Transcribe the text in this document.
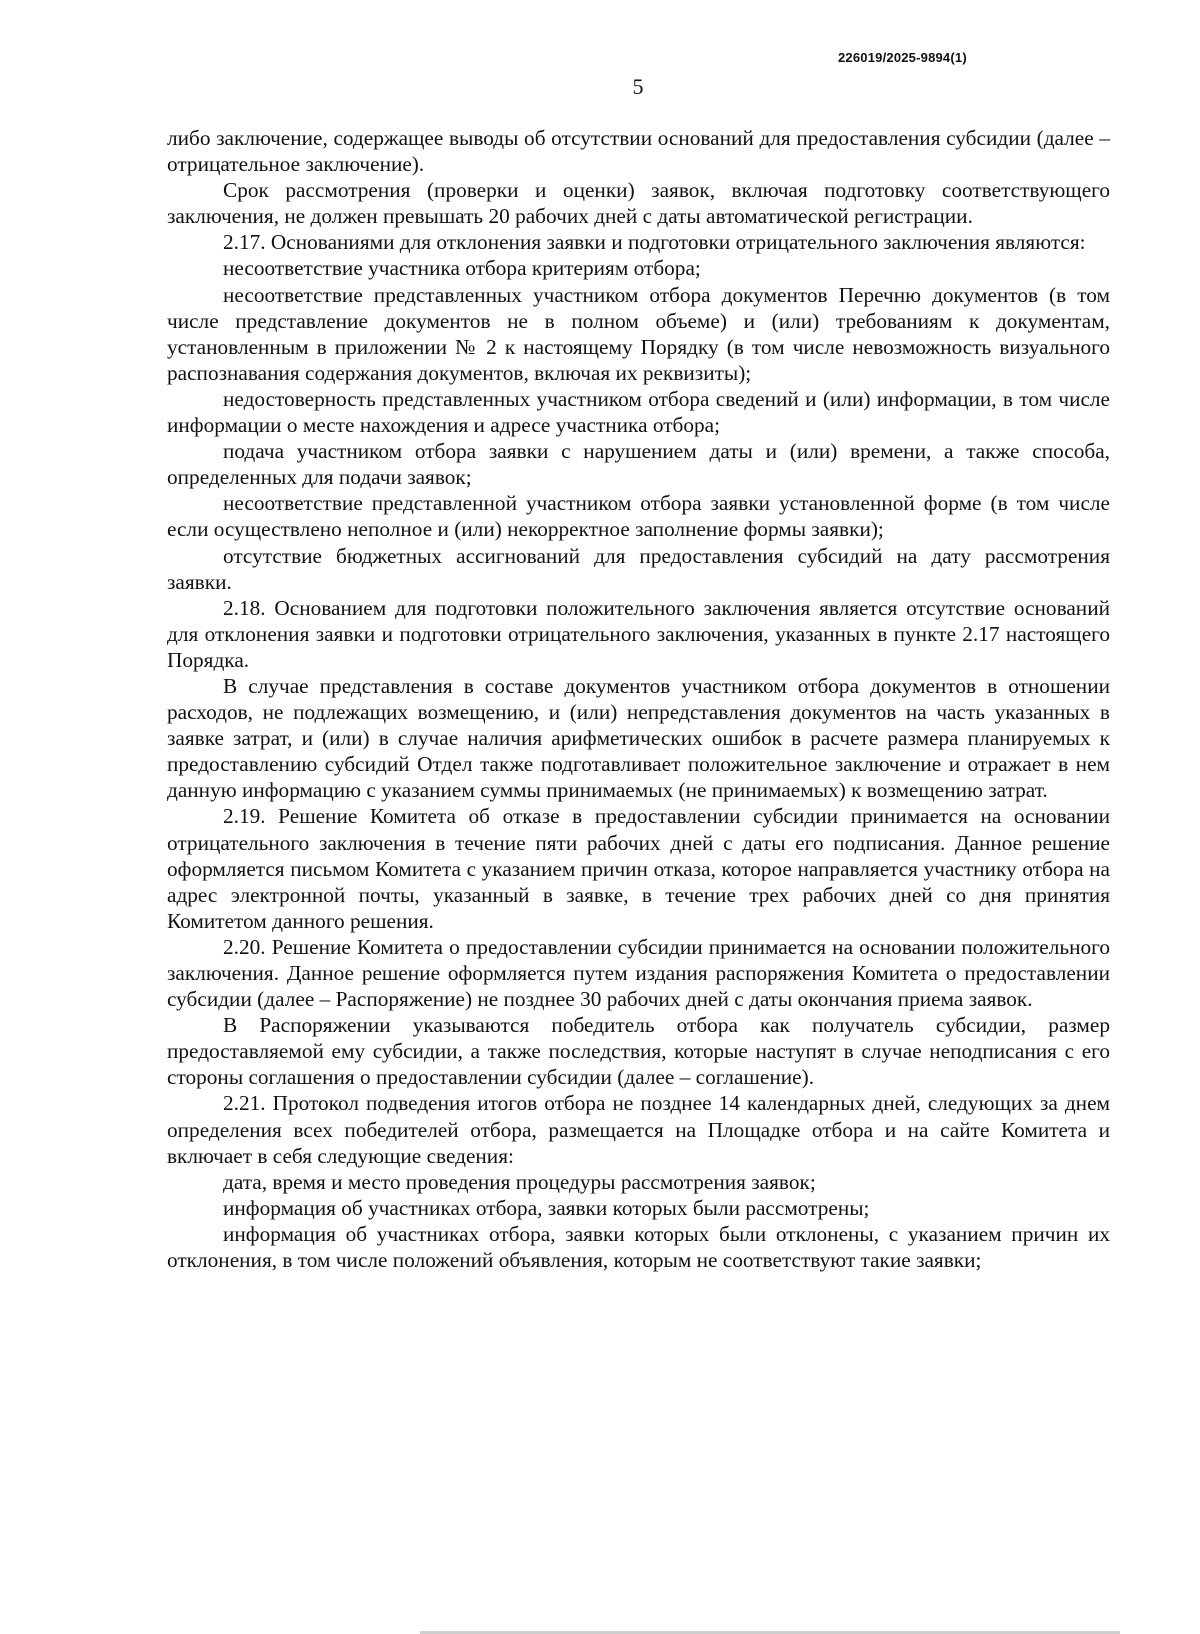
226019/2025-9894(1)
5

либо заключение, содержащее выводы об отсутствии оснований для предоставления субсидии (далее – отрицательное заключение).

Срок рассмотрения (проверки и оценки) заявок, включая подготовку соответствующего заключения, не должен превышать 20 рабочих дней с даты автоматической регистрации.

2.17. Основаниями для отклонения заявки и подготовки отрицательного заключения являются:

несоответствие участника отбора критериям отбора;

несоответствие представленных участником отбора документов Перечню документов (в том числе представление документов не в полном объеме) и (или) требованиям к документам, установленным в приложении № 2 к настоящему Порядку (в том числе невозможность визуального распознавания содержания документов, включая их реквизиты);

недостоверность представленных участником отбора сведений и (или) информации, в том числе информации о месте нахождения и адресе участника отбора;

подача участником отбора заявки с нарушением даты и (или) времени, а также способа, определенных для подачи заявок;

несоответствие представленной участником отбора заявки установленной форме (в том числе если осуществлено неполное и (или) некорректное заполнение формы заявки);

отсутствие бюджетных ассигнований для предоставления субсидий на дату рассмотрения заявки.

2.18. Основанием для подготовки положительного заключения является отсутствие оснований для отклонения заявки и подготовки отрицательного заключения, указанных в пункте 2.17 настоящего Порядка.

В случае представления в составе документов участником отбора документов в отношении расходов, не подлежащих возмещению, и (или) непредставления документов на часть указанных в заявке затрат, и (или) в случае наличия арифметических ошибок в расчете размера планируемых к предоставлению субсидий Отдел также подготавливает положительное заключение и отражает в нем данную информацию с указанием суммы принимаемых (не принимаемых) к возмещению затрат.

2.19. Решение Комитета об отказе в предоставлении субсидии принимается на основании отрицательного заключения в течение пяти рабочих дней с даты его подписания. Данное решение оформляется письмом Комитета с указанием причин отказа, которое направляется участнику отбора на адрес электронной почты, указанный в заявке, в течение трех рабочих дней со дня принятия Комитетом данного решения.

2.20. Решение Комитета о предоставлении субсидии принимается на основании положительного заключения. Данное решение оформляется путем издания распоряжения Комитета о предоставлении субсидии (далее – Распоряжение) не позднее 30 рабочих дней с даты окончания приема заявок.

В Распоряжении указываются победитель отбора как получатель субсидии, размер предоставляемой ему субсидии, а также последствия, которые наступят в случае неподписания с его стороны соглашения о предоставлении субсидии (далее – соглашение).

2.21. Протокол подведения итогов отбора не позднее 14 календарных дней, следующих за днем определения всех победителей отбора, размещается на Площадке отбора и на сайте Комитета и включает в себя следующие сведения:

дата, время и место проведения процедуры рассмотрения заявок;

информация об участниках отбора, заявки которых были рассмотрены;

информация об участниках отбора, заявки которых были отклонены, с указанием причин их отклонения, в том числе положений объявления, которым не соответствуют такие заявки;
